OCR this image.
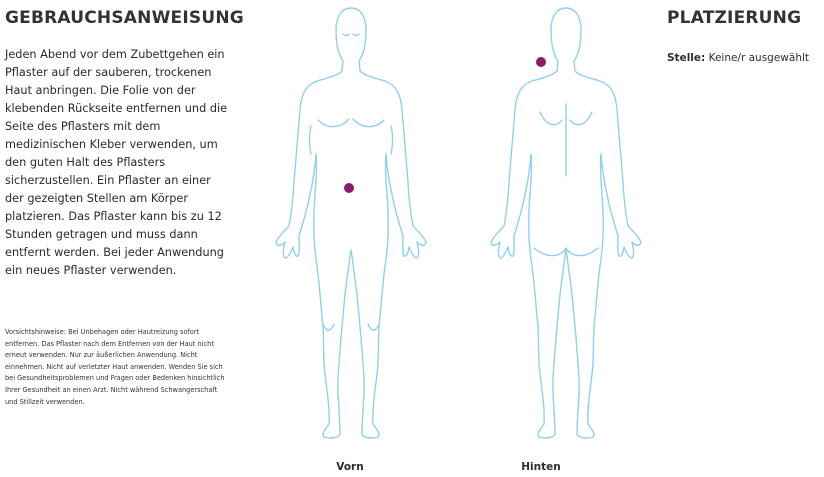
GEBRAUCHSANWEISUNG

Jeden Abend vor dem Zubettgehen ein Pflaster auf der sauberen, trockenen Haut anbringen. Die Folie von der klebenden Rückseite entfernen und die Seite des Pflasters mit dem medizinischen Kleber verwenden, um den guten Halt des Pflasters sicherzustellen. Ein Pflaster an einer der gezeigten Stellen am Körper platzieren. Das Pflaster kann bis zu 12 Stunden getragen und muss dann entfernt werden. Bei jeder Anwendung ein neues Pflaster verwenden.

Vorsichtshinweise: Bei Unbehagen oder Hautreizung sofort entfernen. Das Pflaster nach dem Entfernen von der Haut nicht erneut verwenden. Nur zur äußerlichen Anwendung. Nicht einnehmen. Nicht auf verletzter Haut anwenden. Wenden Sie sich bei Gesundheitsproblemen und Fragen oder Bedenken hinsichtlich Ihrer Gesundheit an einen Arzt. Nicht während Schwangerschaft und Stillzeit verwenden.

Vorn	Hinten
PLATZIERUNG
Stelle: Keine/r ausgewählt
